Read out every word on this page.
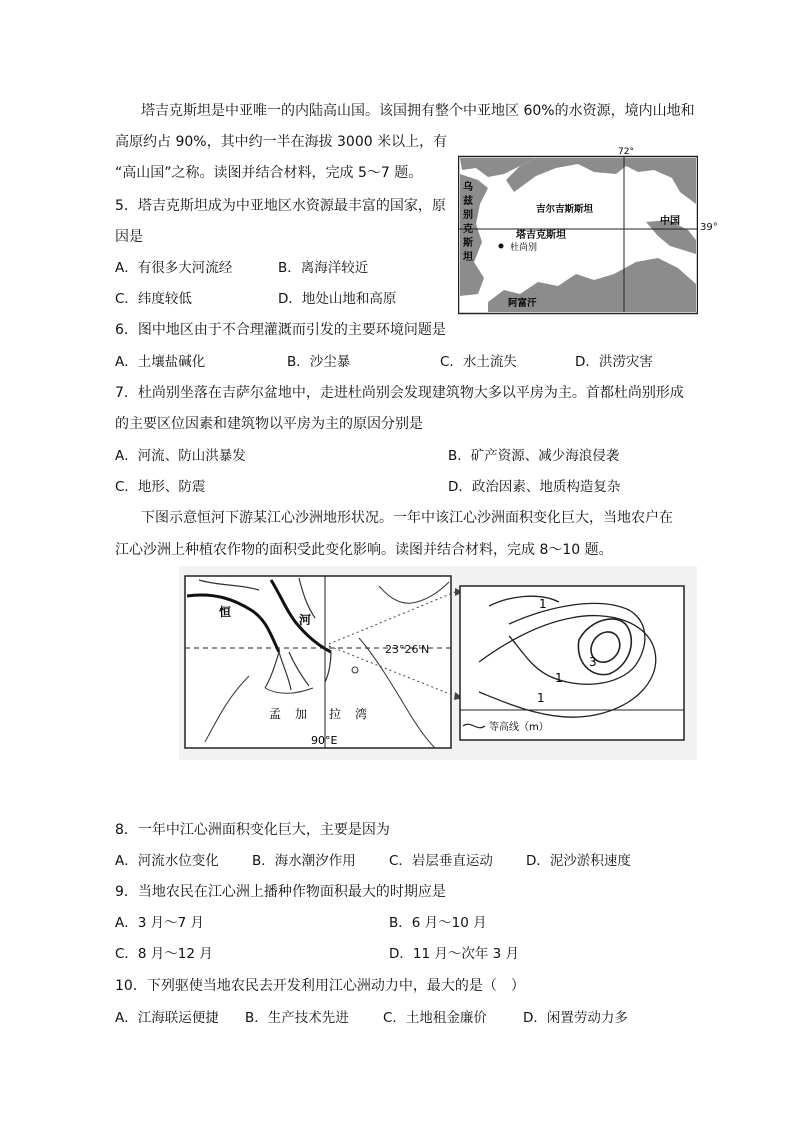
塔吉克斯坦是中亚唯一的内陆高山国。该国拥有整个中亚地区 60%的水资源，境内山地和
高原约占 90%，其中约一半在海拔 3000 米以上，有
“高山国”之称。读图并结合材料，完成 5～7 题。
5．塔吉克斯坦成为中亚地区水资源最丰富的国家，原
因是
A．有很多大河流经	B．离海洋较近
C．纬度较低	D．地处山地和高原
72°
乌
兹
别
克
斯
坦
吉尔吉斯斯坦
中国
塔吉克斯坦
杜尚别
阿富汗
39°
6．图中地区由于不合理灌溉而引发的主要环境问题是
A．土壤盐碱化	B．沙尘暴	C．水土流失	D．洪涝灾害
7．杜尚别坐落在吉萨尔盆地中，走进杜尚别会发现建筑物大多以平房为主。首都杜尚别形成
的主要区位因素和建筑物以平房为主的原因分别是
A．河流、防山洪暴发	B．矿产资源、减少海浪侵袭
C．地形、防震	D．政治因素、地质构造复杂
下图示意恒河下游某江心沙洲地形状况。一年中该江心沙洲面积变化巨大，当地农户在
江心沙洲上种植农作物的面积受此变化影响。读图并结合材料，完成 8～10 题。
23°26′N
恒
河
孟 加 拉 湾
90°E
1
1
1
3
等高线（m）
8．一年中江心洲面积变化巨大，主要是因为
A．河流水位变化 B．海水潮汐作用 C．岩层垂直运动 D．泥沙淤积速度
9．当地农民在江心洲上播种作物面积最大的时期应是
A．3 月～7 月	B．6 月～10 月
C．8 月～12 月	D．11 月～次年 3 月
10．下列驱使当地农民去开发利用江心洲动力中，最大的是（　）
A．江海联运便捷 B．生产技术先进	C．土地租金廉价	D．闲置劳动力多
